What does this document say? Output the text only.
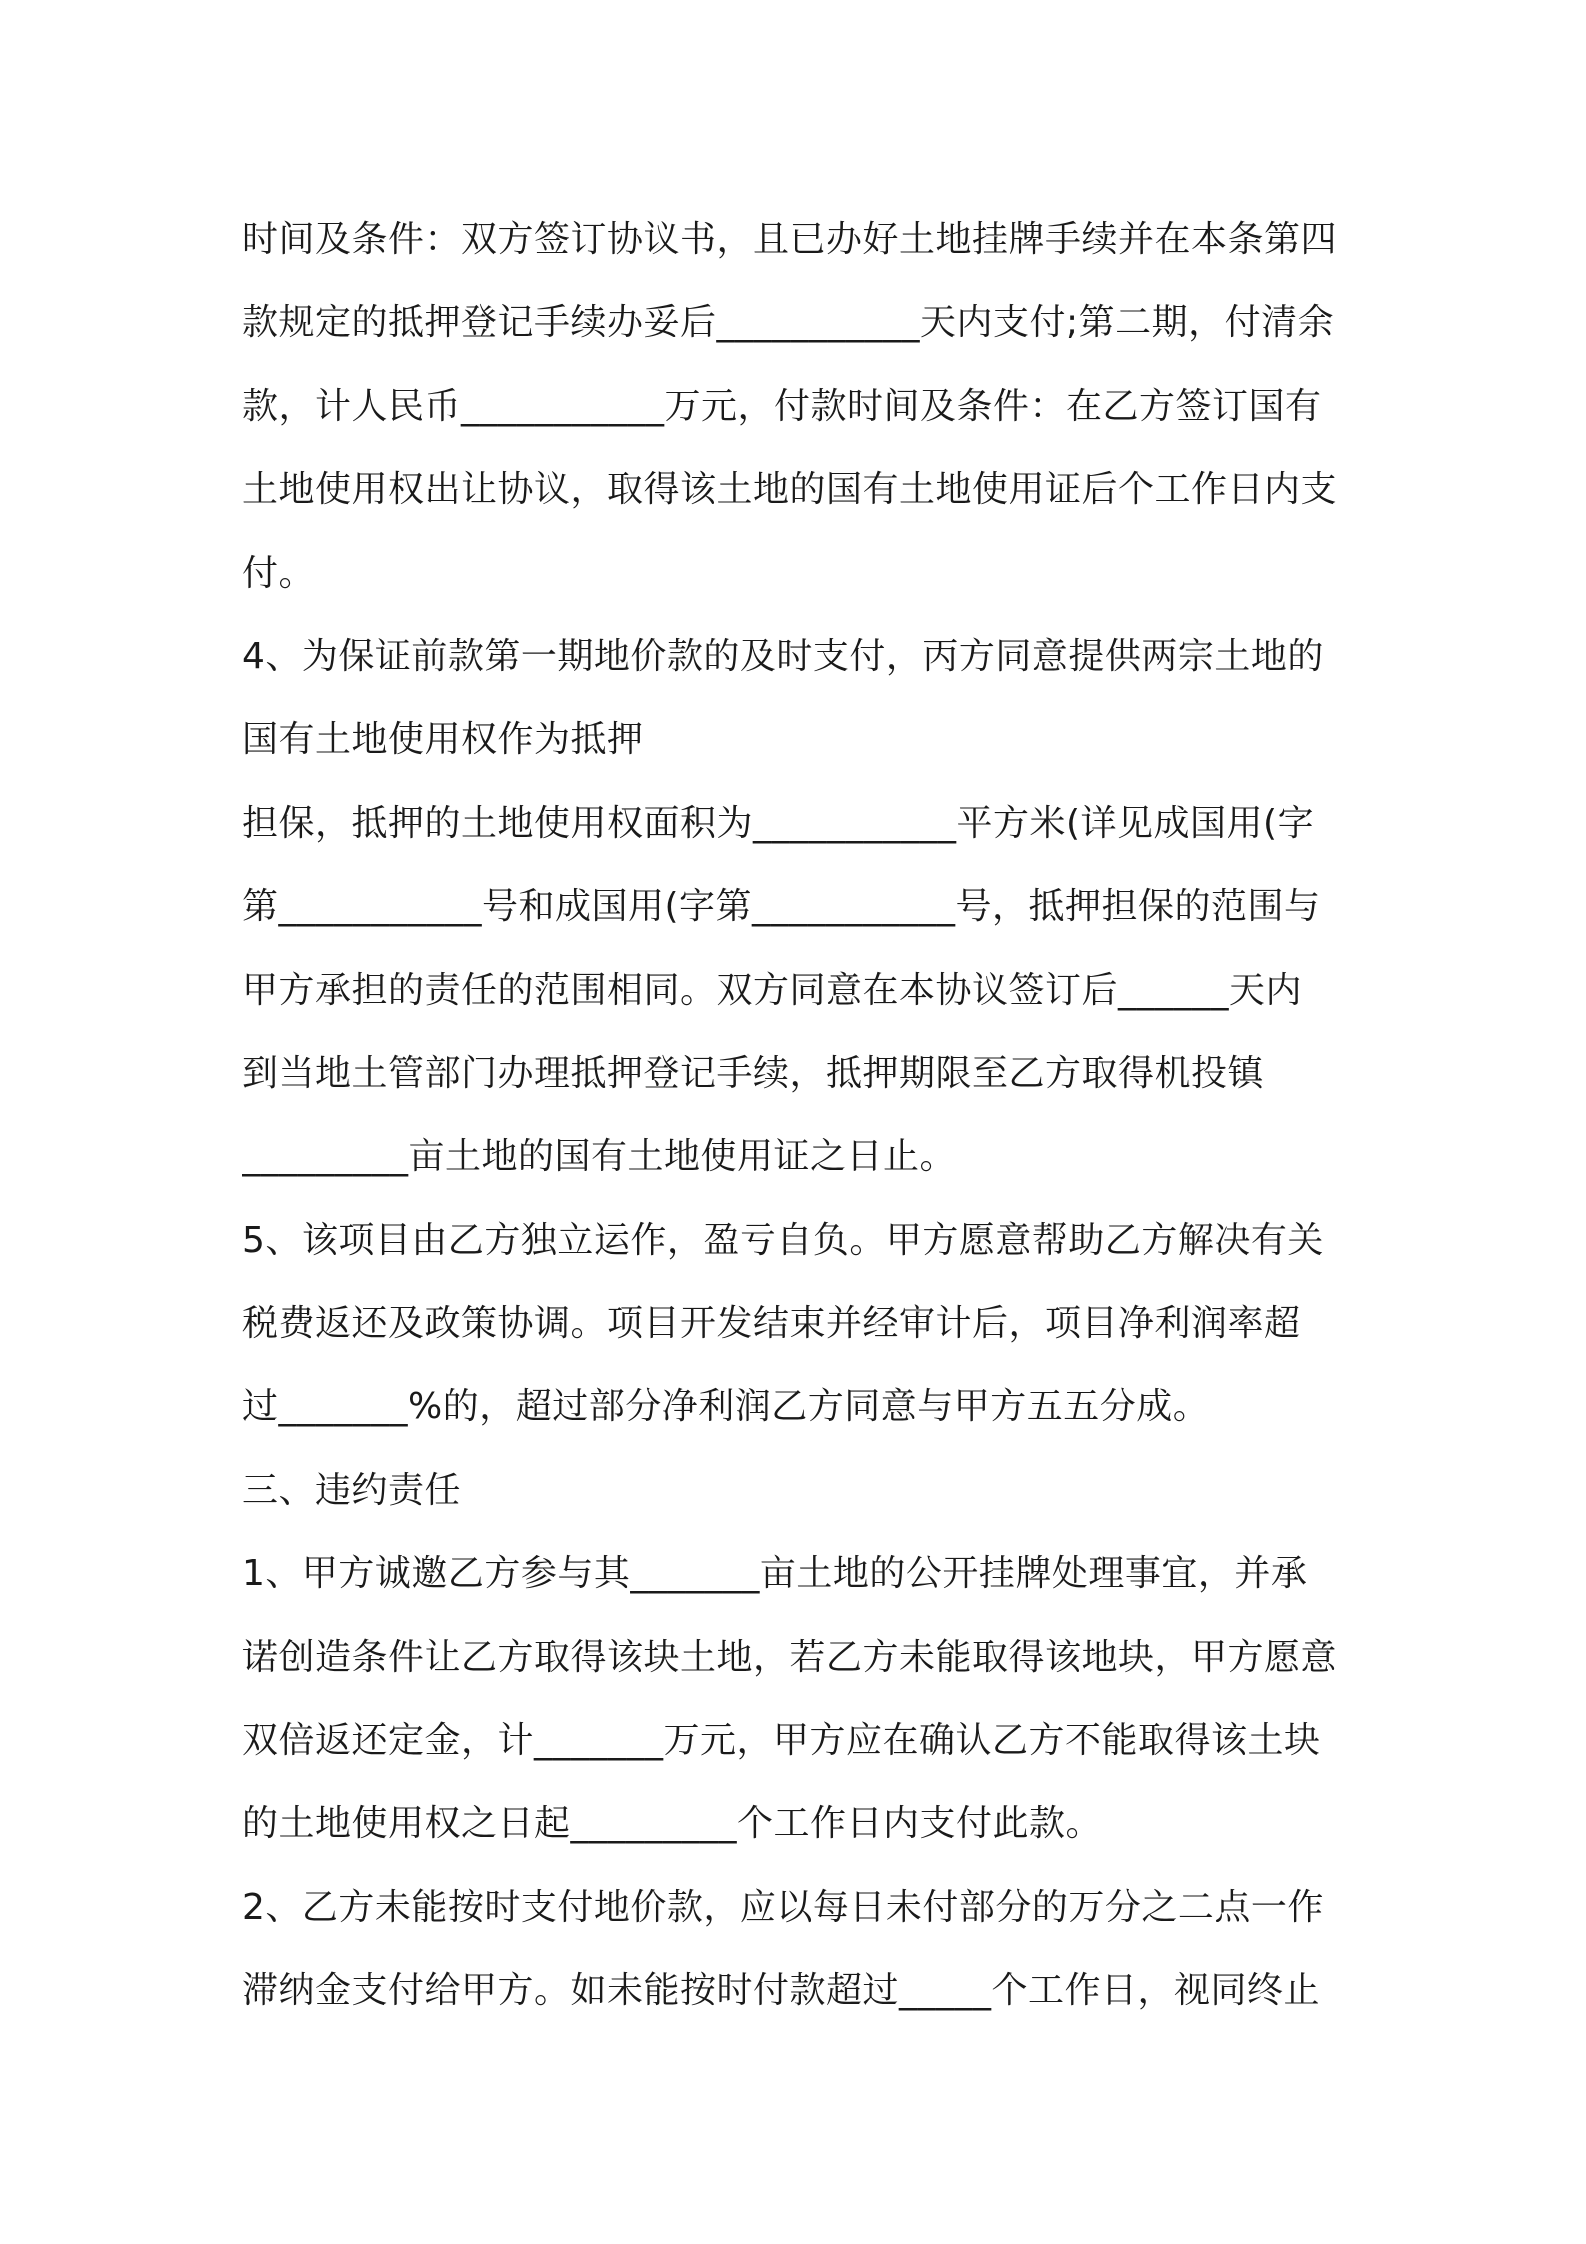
时间及条件：双方签订协议书，且已办好土地挂牌手续并在本条第四
款规定的抵押登记手续办妥后___________天内支付;第二期，付清余
款，计人民币___________万元，付款时间及条件：在乙方签订国有
土地使用权出让协议，取得该土地的国有土地使用证后个工作日内支
付。
4、为保证前款第一期地价款的及时支付，丙方同意提供两宗土地的
国有土地使用权作为抵押
担保，抵押的土地使用权面积为___________平方米(详见成国用(字
第___________号和成国用(字第___________号，抵押担保的范围与
甲方承担的责任的范围相同。双方同意在本协议签订后______天内
到当地土管部门办理抵押登记手续，抵押期限至乙方取得机投镇
_________亩土地的国有土地使用证之日止。
5、该项目由乙方独立运作，盈亏自负。甲方愿意帮助乙方解决有关
税费返还及政策协调。项目开发结束并经审计后，项目净利润率超
过_______%的，超过部分净利润乙方同意与甲方五五分成。
三、违约责任
1、甲方诚邀乙方参与其_______亩土地的公开挂牌处理事宜，并承
诺创造条件让乙方取得该块土地，若乙方未能取得该地块，甲方愿意
双倍返还定金，计_______万元，甲方应在确认乙方不能取得该土块
的土地使用权之日起_________个工作日内支付此款。
2、乙方未能按时支付地价款，应以每日未付部分的万分之二点一作
滞纳金支付给甲方。如未能按时付款超过_____个工作日，视同终止
